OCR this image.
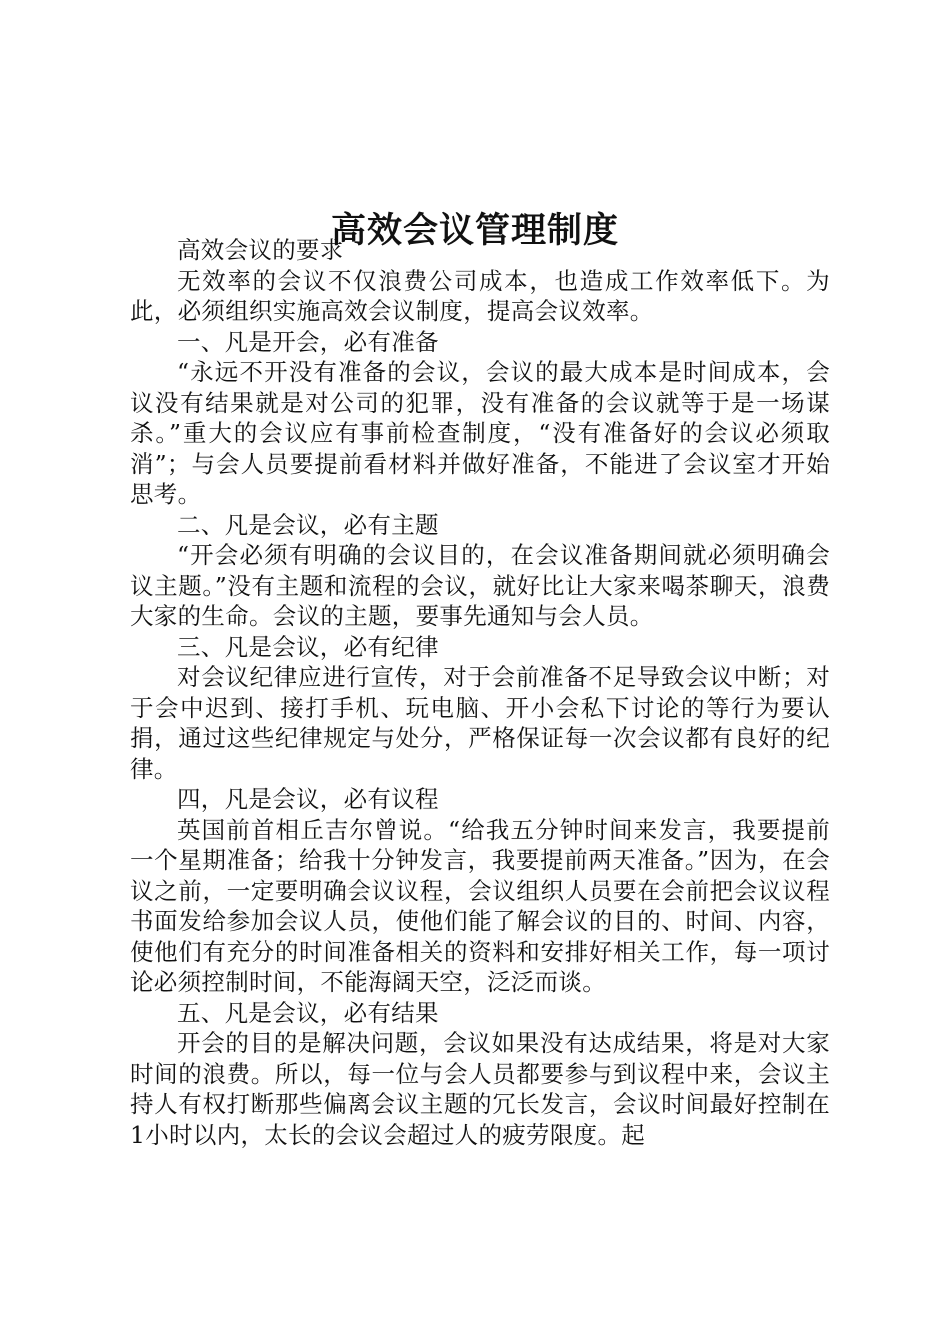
高效会议管理制度

高效会议的要求

无效率的会议不仅浪费公司成本，也造成工作效率低下。为此，必须组织实施高效会议制度，提高会议效率。

一、凡是开会，必有准备

“永远不开没有准备的会议，会议的最大成本是时间成本，会议没有结果就是对公司的犯罪，没有准备的会议就等于是一场谋杀。”重大的会议应有事前检查制度，“没有准备好的会议必须取消”；与会人员要提前看材料并做好准备，不能进了会议室才开始思考。

二、凡是会议，必有主题

“开会必须有明确的会议目的，在会议准备期间就必须明确会议主题。”没有主题和流程的会议，就好比让大家来喝茶聊天，浪费大家的生命。会议的主题，要事先通知与会人员。

三、凡是会议，必有纪律

对会议纪律应进行宣传，对于会前准备不足导致会议中断；对于会中迟到、接打手机、玩电脑、开小会私下讨论的等行为要认捐，通过这些纪律规定与处分，严格保证每一次会议都有良好的纪律。

四，凡是会议，必有议程

英国前首相丘吉尔曾说。“给我五分钟时间来发言，我要提前一个星期准备；给我十分钟发言，我要提前两天准备。”因为，在会议之前，一定要明确会议议程，会议组织人员要在会前把会议议程书面发给参加会议人员，使他们能了解会议的目的、时间、内容，使他们有充分的时间准备相关的资料和安排好相关工作，每一项讨论必须控制时间，不能海阔天空，泛泛而谈。

五、凡是会议，必有结果

开会的目的是解决问题，会议如果没有达成结果，将是对大家时间的浪费。所以，每一位与会人员都要参与到议程中来，会议主持人有权打断那些偏离会议主题的冗长发言，会议时间最好控制在1小时以内，太长的会议会超过人的疲劳限度。起
